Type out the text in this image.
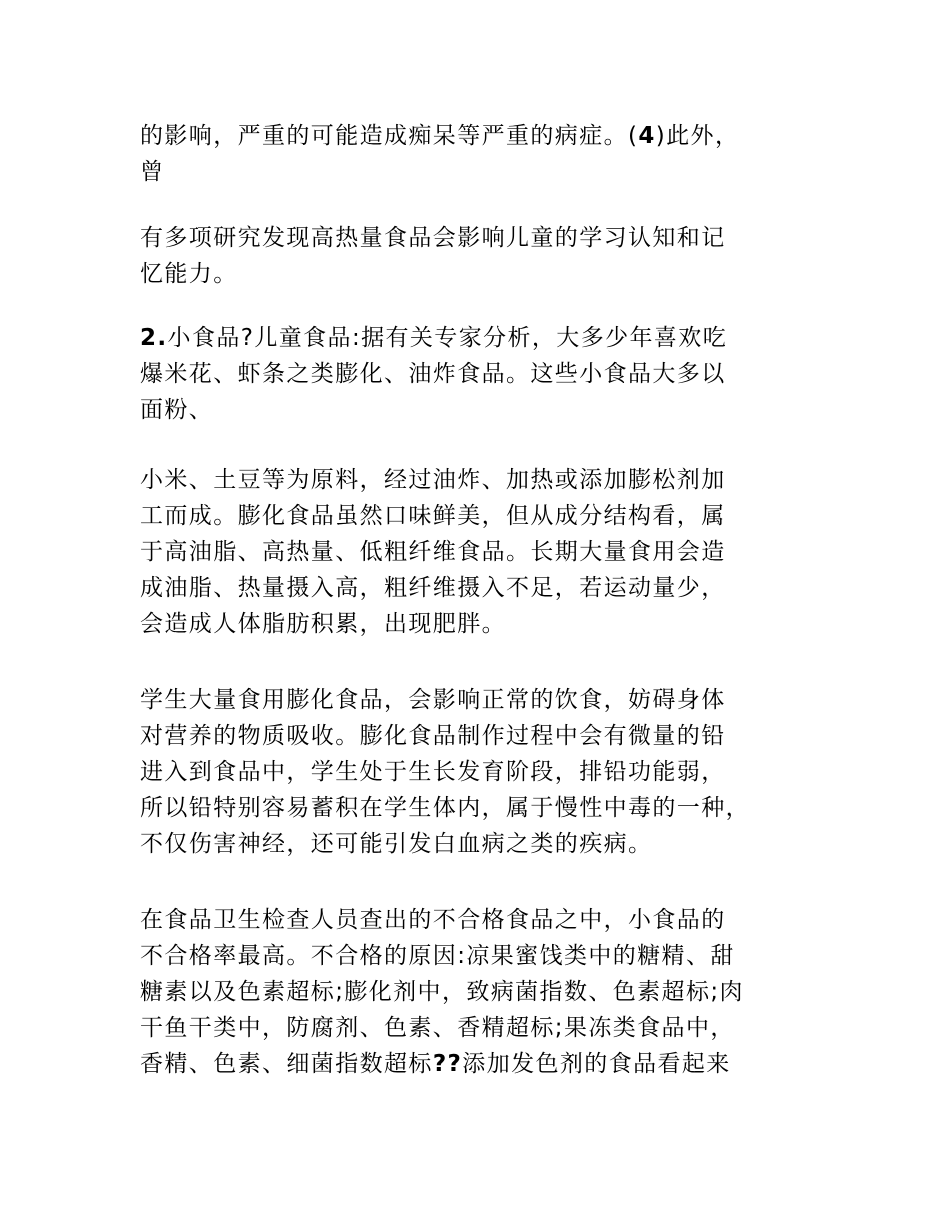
的影响，严重的可能造成痴呆等严重的病症。(4)此外，
曾

有多项研究发现高热量食品会影响儿童的学习认知和记
忆能力。

2.小食品?儿童食品:据有关专家分析，大多少年喜欢吃
爆米花、虾条之类膨化、油炸食品。这些小食品大多以
面粉、

小米、土豆等为原料，经过油炸、加热或添加膨松剂加
工而成。膨化食品虽然口味鲜美，但从成分结构看，属
于高油脂、高热量、低粗纤维食品。长期大量食用会造
成油脂、热量摄入高，粗纤维摄入不足，若运动量少，
会造成人体脂肪积累，出现肥胖。

学生大量食用膨化食品，会影响正常的饮食，妨碍身体
对营养的物质吸收。膨化食品制作过程中会有微量的铅
进入到食品中，学生处于生长发育阶段，排铅功能弱，
所以铅特别容易蓄积在学生体内，属于慢性中毒的一种，
不仅伤害神经，还可能引发白血病之类的疾病。

在食品卫生检查人员查出的不合格食品之中，小食品的
不合格率最高。不合格的原因:凉果蜜饯类中的糖精、甜
糖素以及色素超标;膨化剂中，致病菌指数、色素超标;肉
干鱼干类中，防腐剂、色素、香精超标;果冻类食品中，
香精、色素、细菌指数超标??添加发色剂的食品看起来
